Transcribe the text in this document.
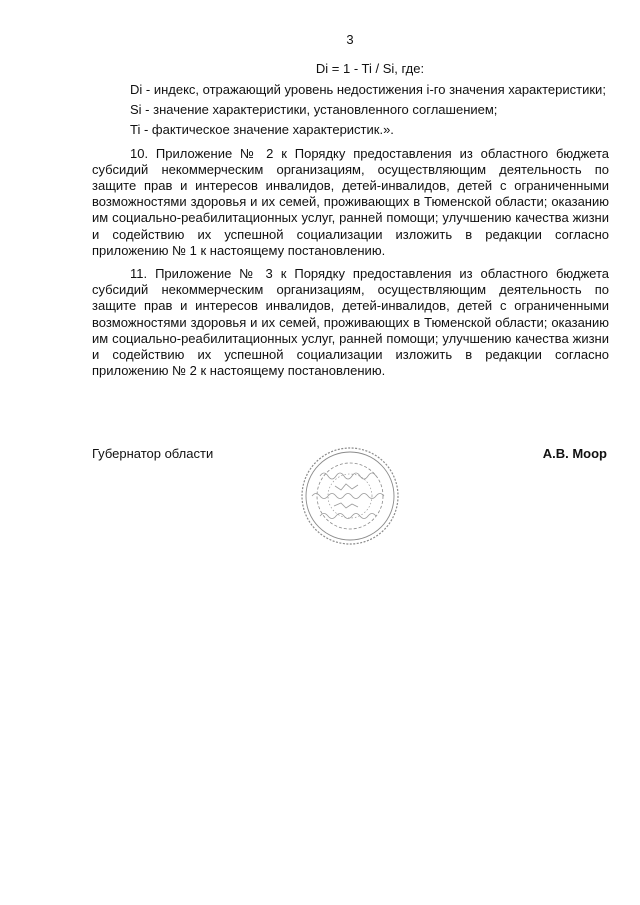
3
Di = 1 - Ti / Si, где:

Di - индекс, отражающий уровень недостижения i-го значения характеристики;

Si - значение характеристики, установленного соглашением;

Ti - фактическое значение характеристик.».

10. Приложение № 2 к Порядку предоставления из областного бюджета субсидий некоммерческим организациям, осуществляющим деятельность по защите прав и интересов инвалидов, детей-инвалидов, детей с ограниченными возможностями здоровья и их семей, проживающих в Тюменской области; оказанию им социально-реабилитационных услуг, ранней помощи; улучшению качества жизни и содействию их успешной социализации изложить в редакции согласно приложению № 1 к настоящему постановлению.

11. Приложение № 3 к Порядку предоставления из областного бюджета субсидий некоммерческим организациям, осуществляющим деятельность по защите прав и интересов инвалидов, детей-инвалидов, детей с ограниченными возможностями здоровья и их семей, проживающих в Тюменской области; оказанию им социально-реабилитационных услуг, ранней помощи; улучшению качества жизни и содействию их успешной социализации изложить в редакции согласно приложению № 2 к настоящему постановлению.

Губернатор области	А.В. Моор
